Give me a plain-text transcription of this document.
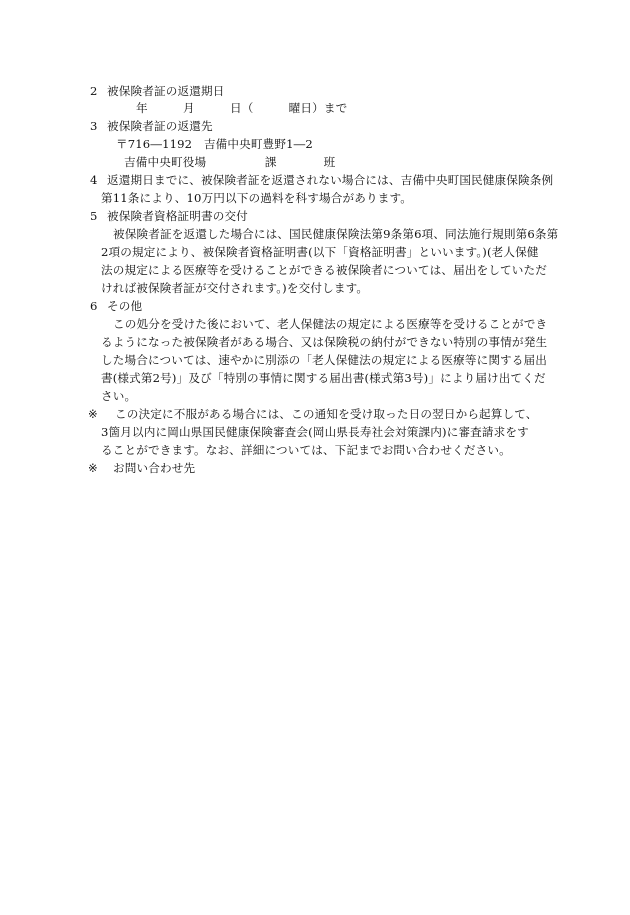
2 被保険者証の返還期日
年　　　月　　　日（　　　曜日）まで
3 被保険者証の返還先
〒716―1192　吉備中央町豊野1―2
吉備中央町役場　　　　　課　　　　班
4 返還期日までに、被保険者証を返還されない場合には、吉備中央町国民健康保険条例
第11条により、10万円以下の過料を科す場合があります。
5 被保険者資格証明書の交付
被保険者証を返還した場合には、国民健康保険法第9条第6項、同法施行規則第6条第
2項の規定により、被保険者資格証明書(以下「資格証明書」といいます。)(老人保健
法の規定による医療等を受けることができる被保険者については、届出をしていただ
ければ被保険者証が交付されます。)を交付します。
6 その他
この処分を受けた後において、老人保健法の規定による医療等を受けることができ
るようになった被保険者がある場合、又は保険税の納付ができない特別の事情が発生
した場合については、速やかに別添の「老人保健法の規定による医療等に関する届出
書(様式第2号)」及び「特別の事情に関する届出書(様式第3号)」により届け出てくだ
さい。
※ この決定に不服がある場合には、この通知を受け取った日の翌日から起算して、
3箇月以内に岡山県国民健康保険審査会(岡山県長寿社会対策課内)に審査請求をす
ることができます。なお、詳細については、下記までお問い合わせください。
※ お問い合わせ先
